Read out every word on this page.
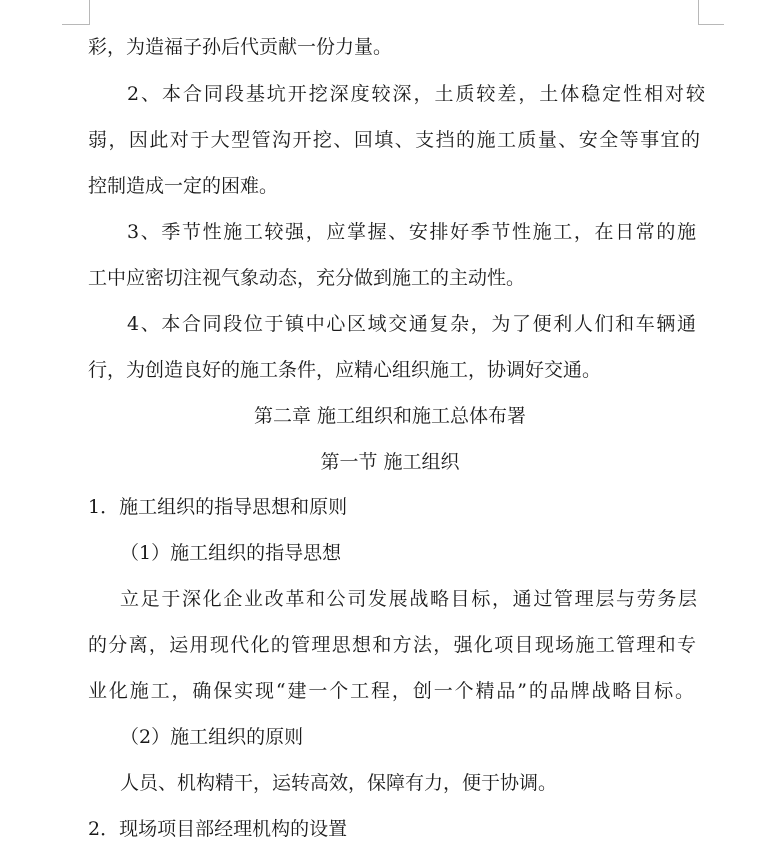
彩，为造福子孙后代贡献一份力量。
2、本合同段基坑开挖深度较深，土质较差，土体稳定性相对较
弱，因此对于大型管沟开挖、回填、支挡的施工质量、安全等事宜的
控制造成一定的困难。
3、季节性施工较强，应掌握、安排好季节性施工，在日常的施
工中应密切注视气象动态，充分做到施工的主动性。
4、本合同段位于镇中心区域交通复杂，为了便利人们和车辆通
行，为创造良好的施工条件，应精心组织施工，协调好交通。
第二章 施工组织和施工总体布署
第一节 施工组织
1．施工组织的指导思想和原则
（1）施工组织的指导思想
立足于深化企业改革和公司发展战略目标，通过管理层与劳务层
的分离，运用现代化的管理思想和方法，强化项目现场施工管理和专
业化施工，确保实现“建一个工程，创一个精品”的品牌战略目标。
（2）施工组织的原则
人员、机构精干，运转高效，保障有力，便于协调。
2．现场项目部经理机构的设置
